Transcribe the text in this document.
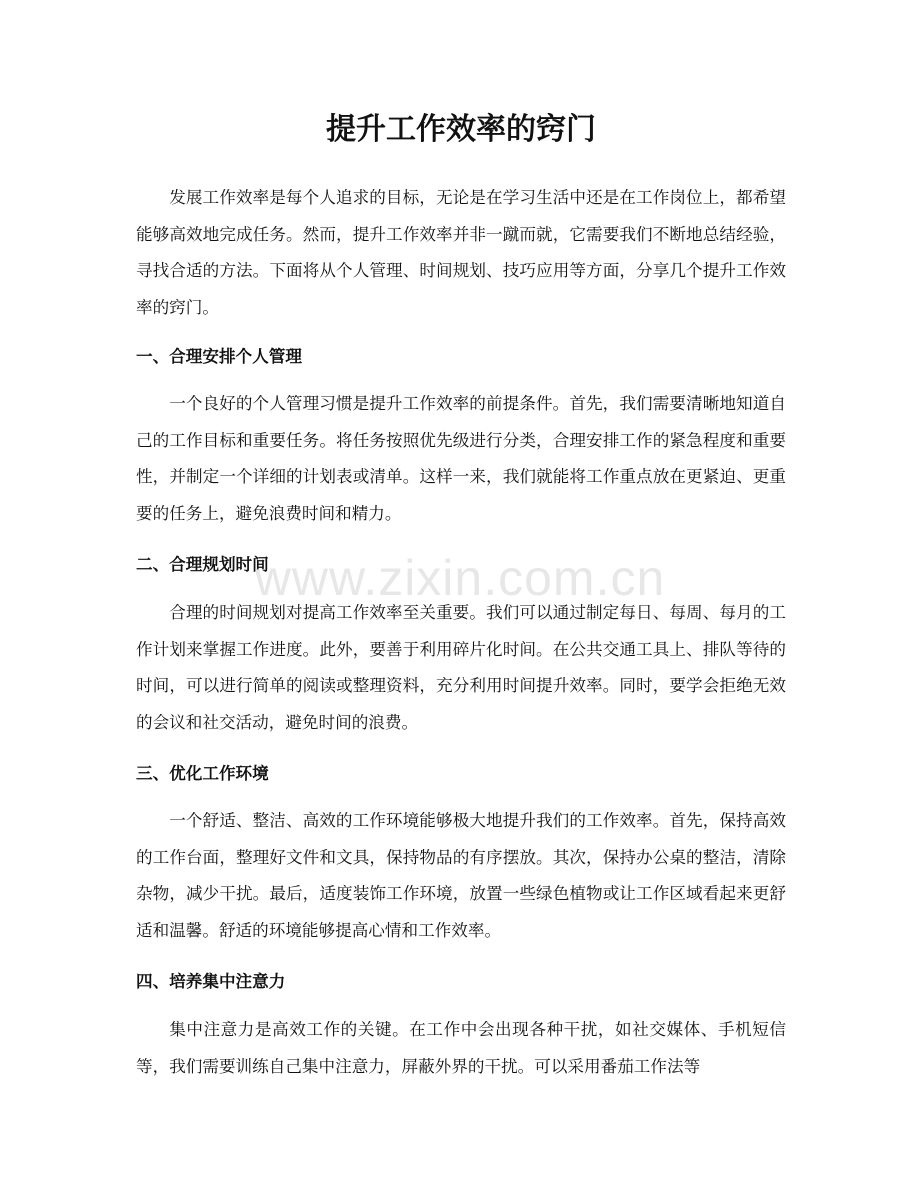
提升工作效率的窍门

发展工作效率是每个人追求的目标，无论是在学习生活中还是在工作岗位上，都希望能够高效地完成任务。然而，提升工作效率并非一蹴而就，它需要我们不断地总结经验，寻找合适的方法。下面将从个人管理、时间规划、技巧应用等方面，分享几个提升工作效率的窍门。

一、合理安排个人管理

一个良好的个人管理习惯是提升工作效率的前提条件。首先，我们需要清晰地知道自己的工作目标和重要任务。将任务按照优先级进行分类，合理安排工作的紧急程度和重要性，并制定一个详细的计划表或清单。这样一来，我们就能将工作重点放在更紧迫、更重要的任务上，避免浪费时间和精力。

二、合理规划时间

合理的时间规划对提高工作效率至关重要。我们可以通过制定每日、每周、每月的工作计划来掌握工作进度。此外，要善于利用碎片化时间。在公共交通工具上、排队等待的时间，可以进行简单的阅读或整理资料，充分利用时间提升效率。同时，要学会拒绝无效的会议和社交活动，避免时间的浪费。

三、优化工作环境

一个舒适、整洁、高效的工作环境能够极大地提升我们的工作效率。首先，保持高效的工作台面，整理好文件和文具，保持物品的有序摆放。其次，保持办公桌的整洁，清除杂物，减少干扰。最后，适度装饰工作环境，放置一些绿色植物或让工作区域看起来更舒适和温馨。舒适的环境能够提高心情和工作效率。

四、培养集中注意力

集中注意力是高效工作的关键。在工作中会出现各种干扰，如社交媒体、手机短信等，我们需要训练自己集中注意力，屏蔽外界的干扰。可以采用番茄工作法等

www.zixin.com.cn
